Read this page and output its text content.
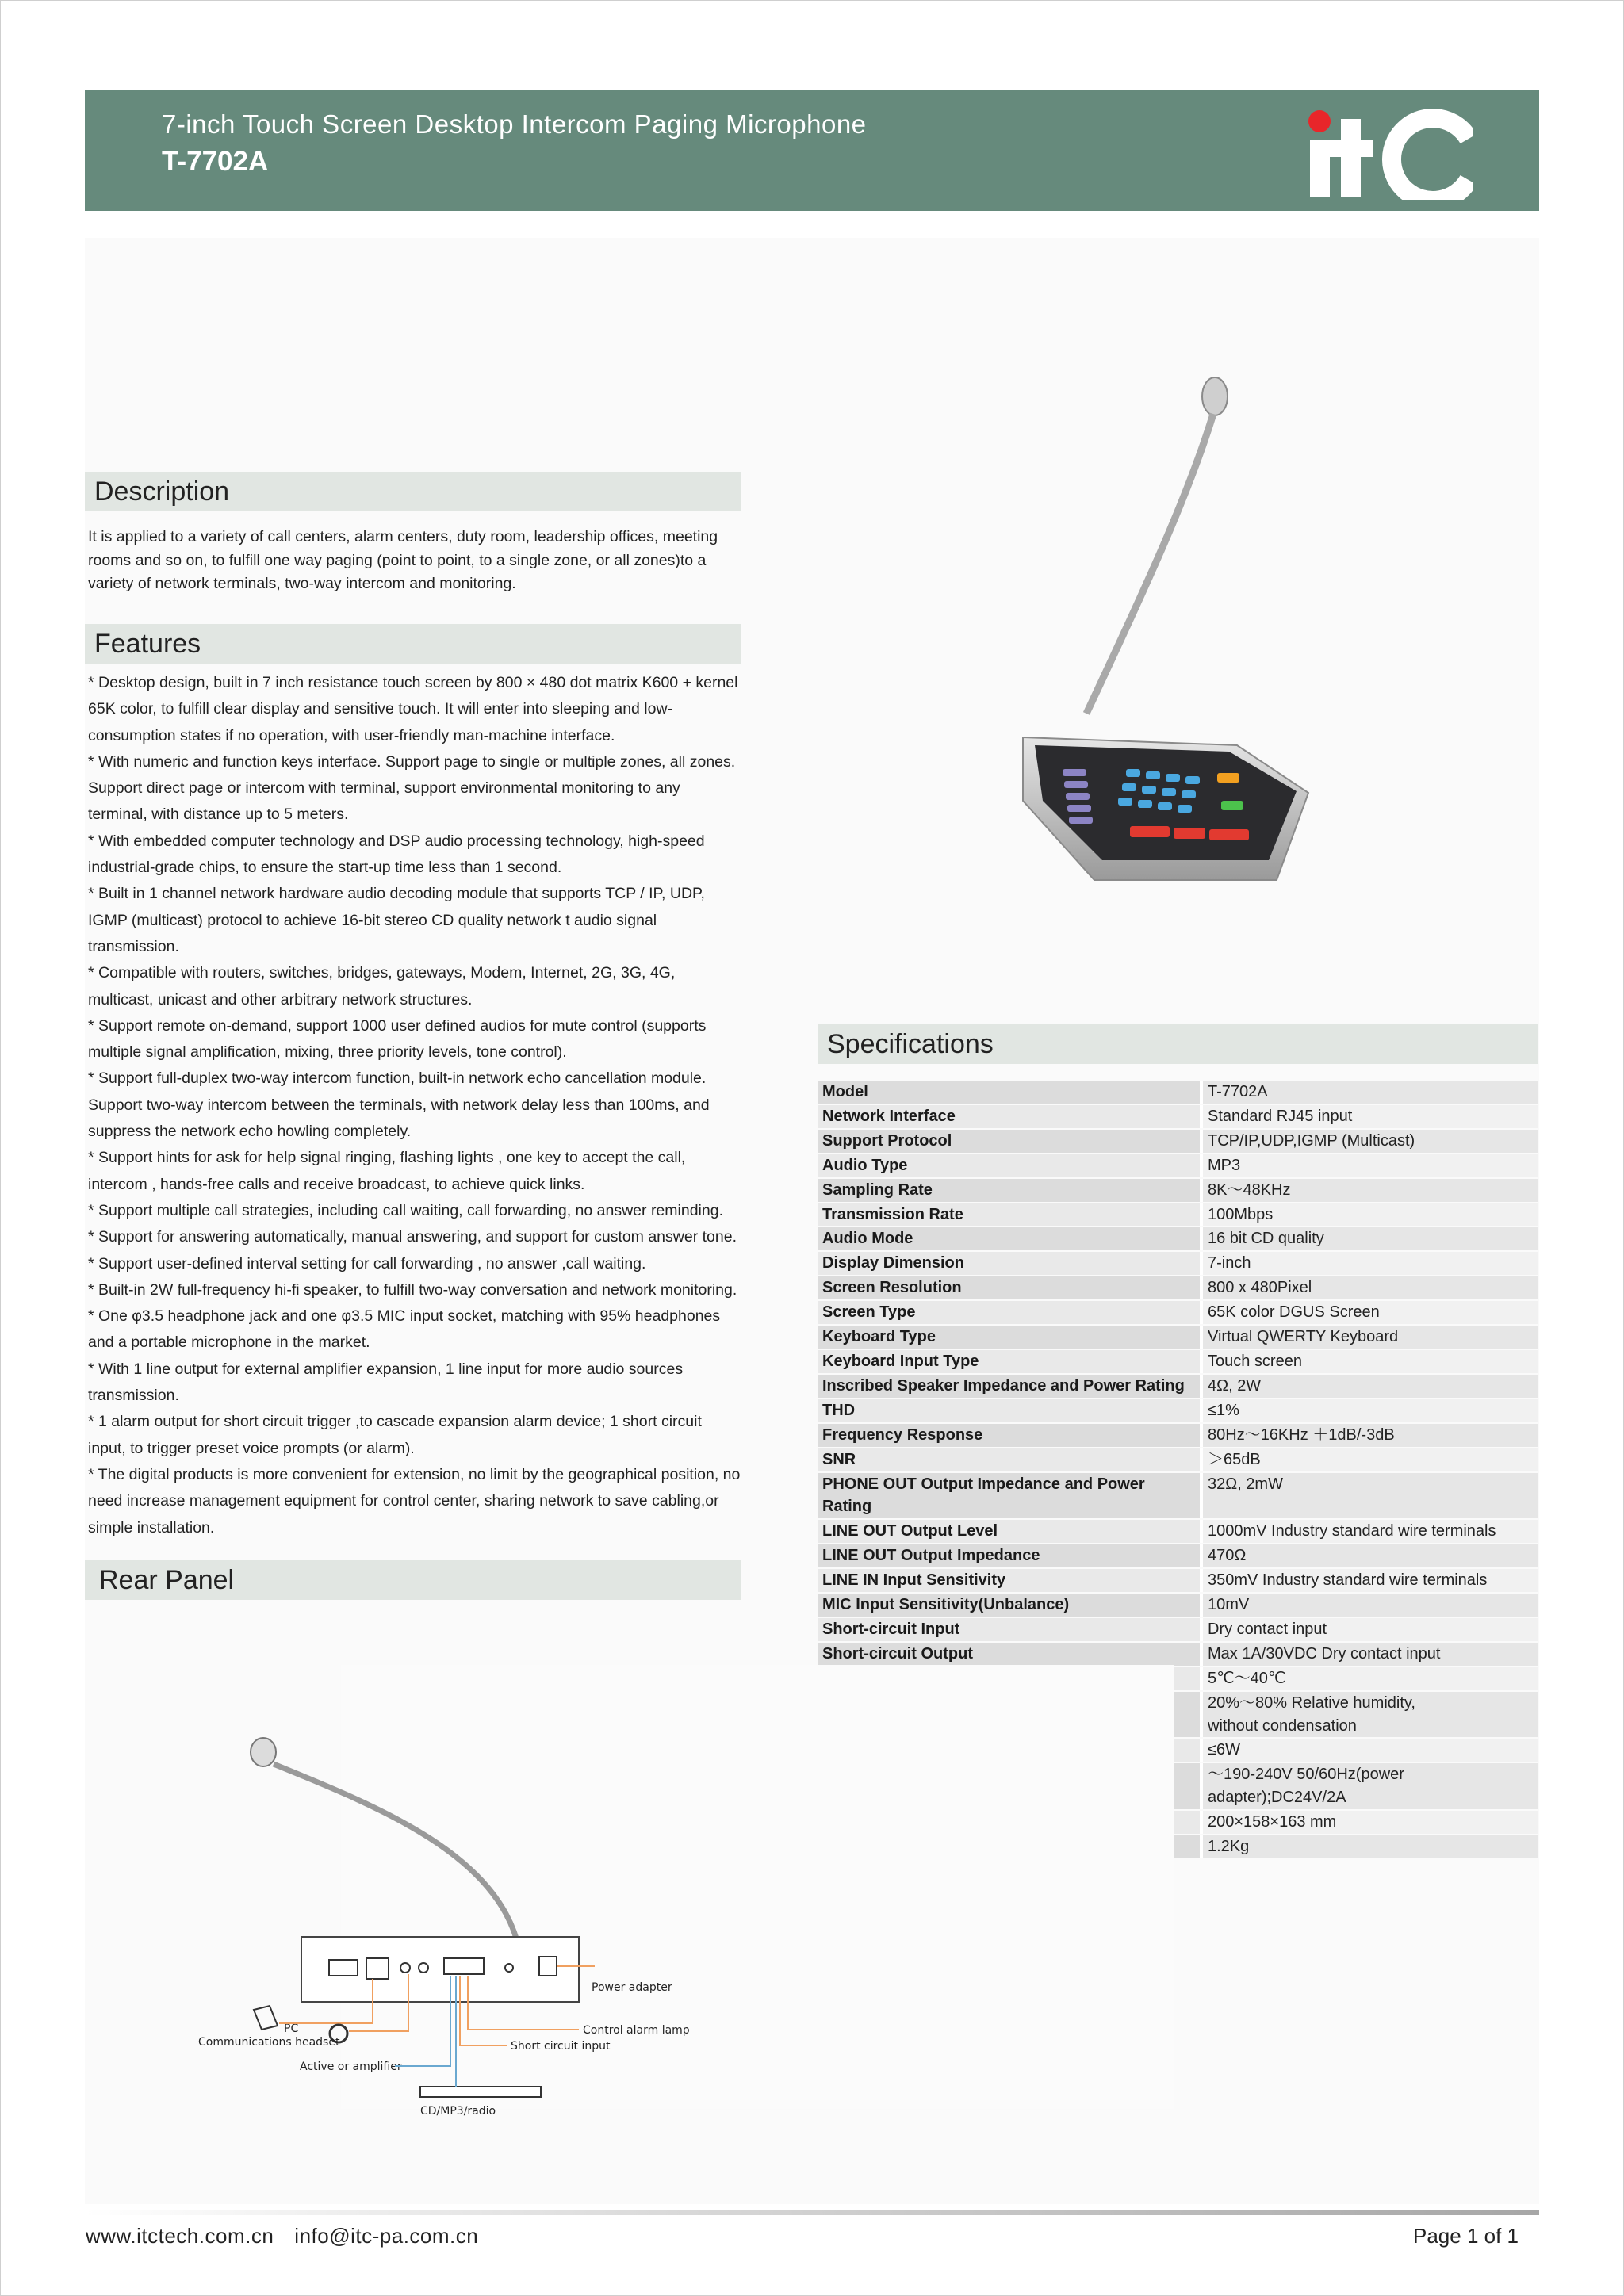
7-inch Touch Screen Desktop Intercom Paging Microphone
T-7702A
Description
It is applied to a variety of call centers, alarm centers, duty room, leadership offices, meeting rooms and so on, to fulfill one way paging (point to point, to a single zone, or all zones)to a variety of network terminals, two-way intercom and monitoring.
Features
* Desktop design, built in 7 inch resistance touch screen by 800 × 480 dot matrix K600 + kernel 65K color, to fulfill clear display and sensitive touch. It will enter into sleeping and low-consumption states if no operation, with user-friendly man-machine interface.
* With numeric and function keys interface. Support page to single or multiple zones, all zones. Support direct page or intercom with terminal, support environmental monitoring to any terminal, with distance up to 5 meters.
* With embedded computer technology and DSP audio processing technology, high-speed industrial-grade chips, to ensure the start-up time less than 1 second.
* Built in 1 channel network hardware audio decoding module that supports TCP / IP, UDP, IGMP (multicast) protocol to achieve 16-bit stereo CD quality network t audio signal transmission.
* Compatible with routers, switches, bridges, gateways, Modem, Internet, 2G, 3G, 4G, multicast, unicast and other arbitrary network structures.
* Support remote on-demand, support 1000 user defined audios for mute control (supports multiple signal amplification, mixing, three priority levels, tone control).
* Support full-duplex two-way intercom function, built-in network echo cancellation module. Support two-way intercom between the terminals, with network delay less than 100ms, and suppress the network echo howling completely.
* Support hints for ask for help signal ringing, flashing lights , one key to accept the call, intercom , hands-free calls and receive broadcast, to achieve quick links.
* Support multiple call strategies, including call waiting, call forwarding, no answer reminding.
* Support for answering automatically, manual answering, and support for custom answer tone.
* Support user-defined interval setting for call forwarding , no answer ,call waiting.
* Built-in 2W full-frequency hi-fi speaker, to fulfill two-way conversation and network monitoring.
* One φ3.5 headphone jack and one φ3.5 MIC input socket, matching with 95% headphones and a portable microphone in the market.
* With 1 line output for external amplifier expansion, 1 line input for more audio sources transmission.
* 1 alarm output for short circuit trigger ,to cascade expansion alarm device; 1 short circuit input, to trigger preset voice prompts (or alarm).
* The digital products is more convenient for extension, no limit by the geographical position, no need increase management equipment for control center, sharing network to save cabling,or simple installation.
Specifications
Model	T-7702A
Network Interface	Standard RJ45 input
Support Protocol	TCP/IP,UDP,IGMP (Multicast)
Audio Type	MP3
Sampling Rate	8K～48KHz
Transmission Rate	100Mbps
Audio Mode	16 bit CD quality
Display Dimension	7-inch
Screen Resolution	800 x 480Pixel
Screen Type	65K color DGUS Screen
Keyboard Type	Virtual QWERTY Keyboard
Keyboard Input Type	Touch screen
Inscribed Speaker Impedance and Power Rating	4Ω, 2W
THD	≤1%
Frequency Response	80Hz～16KHz ＋1dB/-3dB
SNR	＞65dB
PHONE OUT Output Impedance and Power Rating	32Ω, 2mW
LINE OUT Output Level	1000mV Industry standard wire terminals
LINE OUT Output Impedance	470Ω
LINE IN Input Sensitivity	350mV Industry standard wire terminals
MIC Input Sensitivity(Unbalance)	10mV
Short-circuit Input	Dry contact input
Short-circuit Output	Max 1A/30VDC Dry contact input
	5℃～40℃
	20%～80% Relative humidity,
without condensation
	≤6W
	～190-240V 50/60Hz(power adapter);DC24V/2A
	200×158×163 mm
	1.2Kg
Rear Panel
Power adapter
PC
Communications headset
Control alarm lamp
Short circuit input
Active or amplifier
CD/MP3/radio
www.itctech.com.cn info@itc-pa.com.cn	Page 1 of 1
